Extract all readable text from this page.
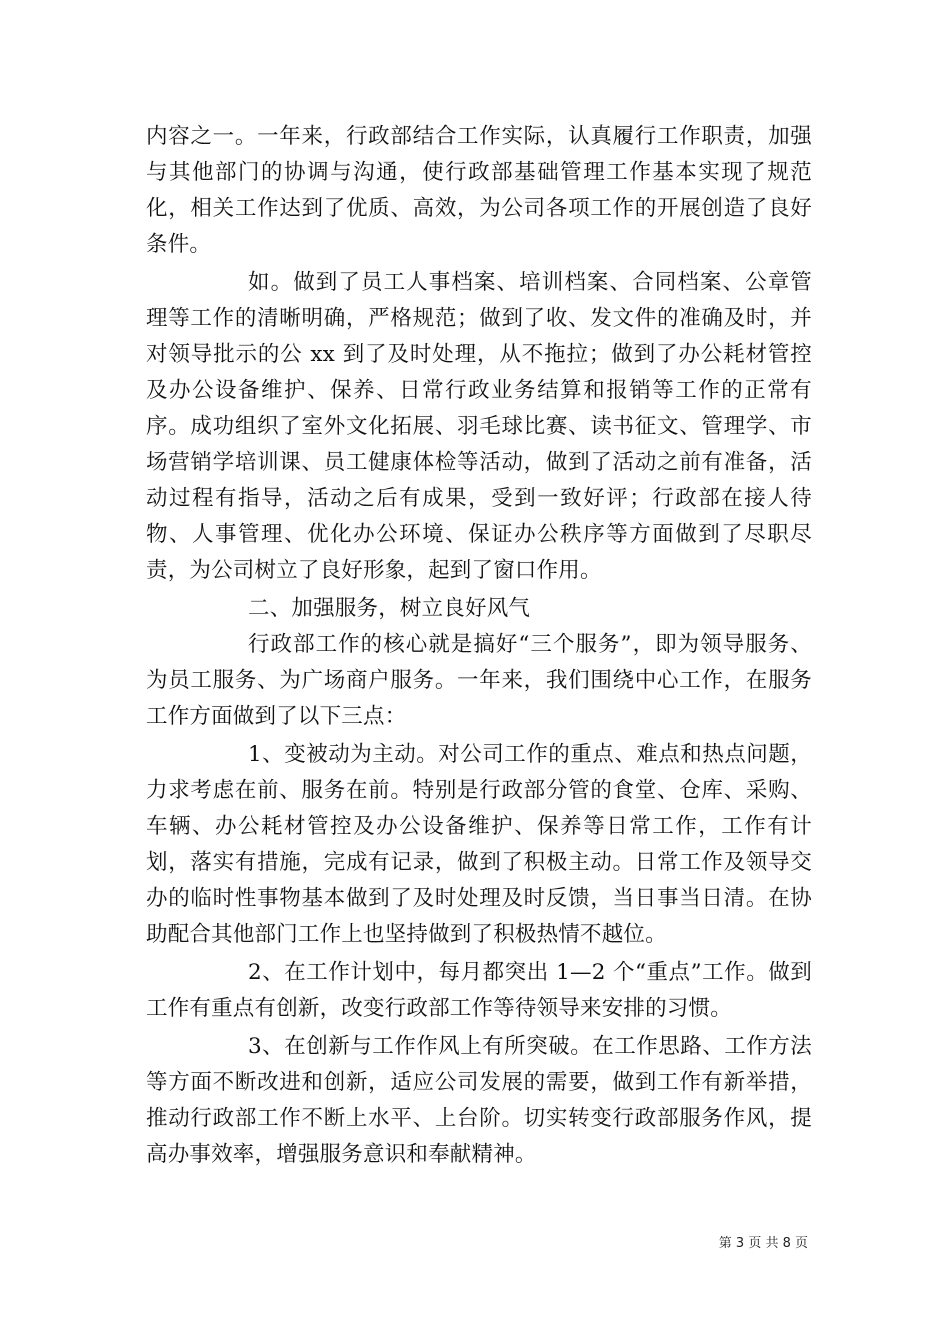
内容之一。一年来，行政部结合工作实际，认真履行工作职责，加强与其他部门的协调与沟通，使行政部基础管理工作基本实现了规范化，相关工作达到了优质、高效，为公司各项工作的开展创造了良好条件。

如。做到了员工人事档案、培训档案、合同档案、公章管理等工作的清晰明确，严格规范；做到了收、发文件的准确及时，并对领导批示的公 xx 到了及时处理，从不拖拉；做到了办公耗材管控及办公设备维护、保养、日常行政业务结算和报销等工作的正常有序。成功组织了室外文化拓展、羽毛球比赛、读书征文、管理学、市场营销学培训课、员工健康体检等活动，做到了活动之前有准备，活动过程有指导，活动之后有成果，受到一致好评；行政部在接人待物、人事管理、优化办公环境、保证办公秩序等方面做到了尽职尽责，为公司树立了良好形象，起到了窗口作用。

二、加强服务，树立良好风气

行政部工作的核心就是搞好“三个服务”，即为领导服务、为员工服务、为广场商户服务。一年来，我们围绕中心工作，在服务工作方面做到了以下三点：

1、变被动为主动。对公司工作的重点、难点和热点问题，力求考虑在前、服务在前。特别是行政部分管的食堂、仓库、采购、车辆、办公耗材管控及办公设备维护、保养等日常工作，工作有计划，落实有措施，完成有记录，做到了积极主动。日常工作及领导交办的临时性事物基本做到了及时处理及时反馈，当日事当日清。在协助配合其他部门工作上也坚持做到了积极热情不越位。

2、在工作计划中，每月都突出 1—2 个“重点”工作。做到工作有重点有创新，改变行政部工作等待领导来安排的习惯。

3、在创新与工作作风上有所突破。在工作思路、工作方法等方面不断改进和创新，适应公司发展的需要，做到工作有新举措，推动行政部工作不断上水平、上台阶。切实转变行政部服务作风，提高办事效率，增强服务意识和奉献精神。

第 3 页 共 8 页
